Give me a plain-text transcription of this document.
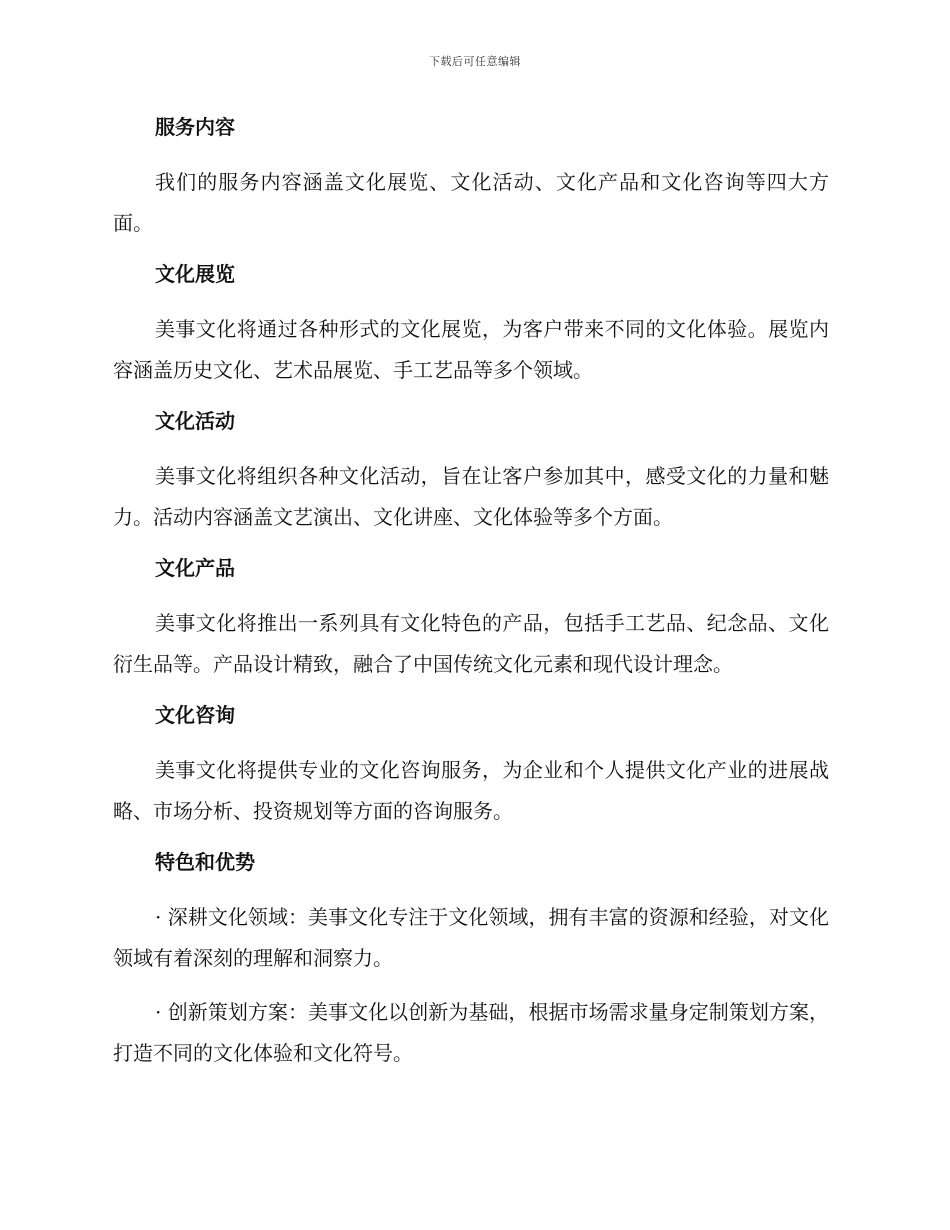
下载后可任意编辑
服务内容

我们的服务内容涵盖文化展览、文化活动、文化产品和文化咨询等四大方面。

文化展览

美事文化将通过各种形式的文化展览，为客户带来不同的文化体验。展览内容涵盖历史文化、艺术品展览、手工艺品等多个领域。

文化活动

美事文化将组织各种文化活动，旨在让客户参加其中，感受文化的力量和魅力。活动内容涵盖文艺演出、文化讲座、文化体验等多个方面。

文化产品

美事文化将推出一系列具有文化特色的产品，包括手工艺品、纪念品、文化衍生品等。产品设计精致，融合了中国传统文化元素和现代设计理念。

文化咨询

美事文化将提供专业的文化咨询服务，为企业和个人提供文化产业的进展战略、市场分析、投资规划等方面的咨询服务。

特色和优势

· 深耕文化领域：美事文化专注于文化领域，拥有丰富的资源和经验，对文化领域有着深刻的理解和洞察力。

· 创新策划方案：美事文化以创新为基础，根据市场需求量身定制策划方案，打造不同的文化体验和文化符号。
